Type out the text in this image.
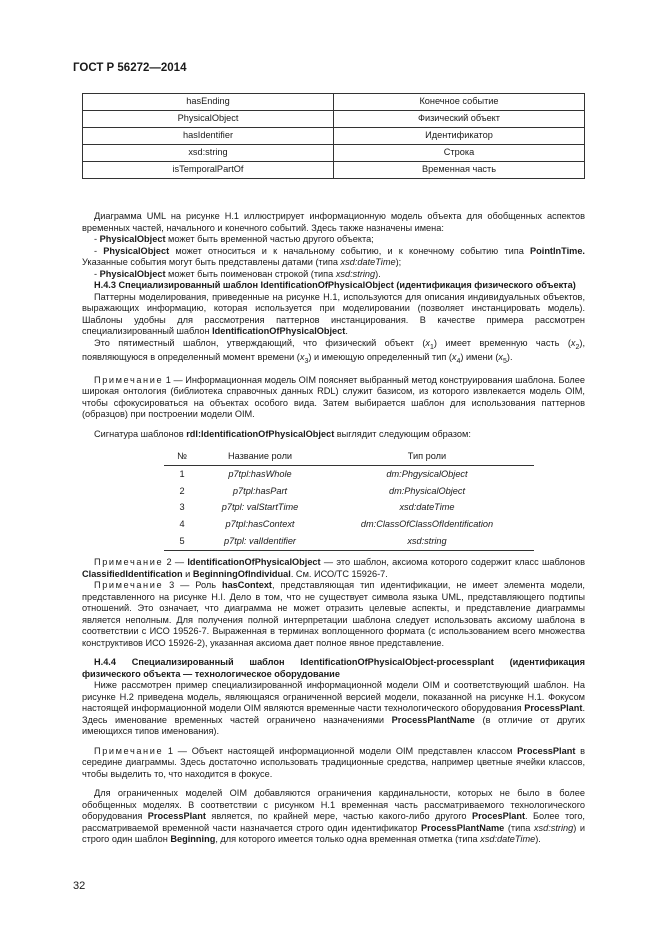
ГОСТ Р 56272—2014
hasEnding	Конечное событие
PhysicalObject	Физический объект
hasIdentifier	Идентификатор
xsd:string	Строка
isTemporalPartOf	Временная часть

Диаграмма UML на рисунке Н.1 иллюстрирует информационную модель объекта для обобщенных аспектов временных частей, начального и конечного событий. Здесь также назначены имена:

- PhysicalObject может быть временной частью другого объекта;

- PhysicalObject может относиться и к начальному событию, и к конечному событию типа PointInTime. Указанные события могут быть представлены датами (типа xsd:dateTime);

- PhysicalObject может быть поименован строкой (типа xsd:string).

Н.4.3 Специализированный шаблон IdentificationOfPhysicalObject (идентификация физического объекта)

Паттерны моделирования, приведенные на рисунке Н.1, используются для описания индивидуальных объектов, выражающих информацию, которая используется при моделировании (позволяет инстанцировать модель). Шаблоны удобны для рассмотрения паттернов инстанцирования. В качестве примера рассмотрен специализированный шаблон IdentificationOfPhysicalObject.

Это пятиместный шаблон, утверждающий, что физический объект $(x_1)$ имеет временную часть $(x_2)$, появляющуюся в определенный момент времени $(x_3)$ и имеющую определенный тип $(x_4)$ имени $(x_5)$.

Примечание 1 — Информационная модель OIM поясняет выбранный метод конструирования шаблона. Более широкая онтология (библиотека справочных данных RDL) служит базисом, из которого извлекается модель OIM, чтобы сфокусироваться на объектах особого вида. Затем выбирается шаблон для использования паттернов (образцов) при построении модели OIM.

Сигнатура шаблонов rdl:IdentificationOfPhysicalObject выглядит следующим образом:

№	Название роли	Тип роли
1	p7tpl:hasWhole	dm:PhgysicalObject
2	p7tpl:hasPart	dm:PhysicalObject
3	p7tpl: valStartTime	xsd:dateTime
4	p7tpl:hasContext	dm:ClassOfClassOfIdentification
5	p7tpl: valIdentifier	xsd:string

Примечание 2 — IdentificationOfPhysicalObject — это шаблон, аксиома которого содержит класс шаблонов ClassifiedIdentification и BeginningOfIndividual. См. ИСО/ТС 15926-7.

Примечание 3 — Роль hasContext, представляющая тип идентификации, не имеет элемента модели, представленного на рисунке Н.І. Дело в том, что не существует символа языка UML, представляющего подтипы отношений. Это означает, что диаграмма не может отразить целевые аспекты, и представление диаграммы является неполным. Для получения полной интерпретации шаблона следует использовать аксиому шаблона в соответствии с ИСО 19526-7. Выраженная в терминах воплощенного формата (с использованием всего множества конструктивов ИСО 15926-2), указанная аксиома дает полное явное представление.

Н.4.4 Специализированный шаблон IdentificationOfPhysicalObject-processplant (идентификация физического объекта — технологическое оборудование

Ниже рассмотрен пример специализированной информационной модели OIM и соответствующий шаблон. На рисунке Н.2 приведена модель, являющаяся ограниченной версией модели, показанной на рисунке Н.1. Фокусом настоящей информационной модели OIM являются временные части технологического оборудования ProcessPlant. Здесь именование временных частей ограничено назначениями ProcessPlantName (в отличие от других имеющихся типов именования).

Примечание 1 — Объект настоящей информационной модели OIM представлен классом ProcessPlant в середине диаграммы. Здесь достаточно использовать традиционные средства, например цветные ячейки классов, чтобы выделить то, что находится в фокусе.

Для ограниченных моделей OIM добавляются ограничения кардинальности, которых не было в более обобщенных моделях. В соответствии с рисунком Н.1 временная часть рассматриваемого технологического оборудования ProcessPlant является, по крайней мере, частью какого-либо другого ProcesPlant. Более того, рассматриваемой временной части назначается строго один идентификатор ProcessPlantName (типа xsd:string) и строго один шаблон Beginning, для которого имеется только одна временная отметка (типа xsd:dateTime).

32
